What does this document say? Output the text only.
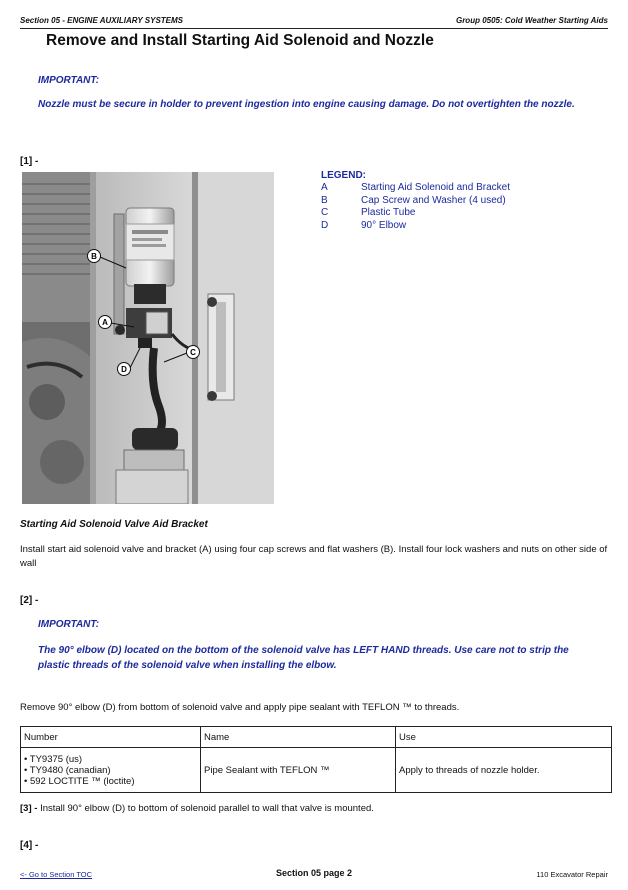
Section 05 - ENGINE AUXILIARY SYSTEMS	Group 0505: Cold Weather Starting Aids
Remove and Install Starting Aid Solenoid and Nozzle
IMPORTANT:
Nozzle must be secure in holder to prevent ingestion into engine causing damage. Do not overtighten the nozzle.
[1] -
B
A
C
D
LEGEND:
A	Starting Aid Solenoid and Bracket
B	Cap Screw and Washer (4 used)
C	Plastic Tube
D	90° Elbow
Starting Aid Solenoid Valve Aid Bracket
Install start aid solenoid valve and bracket (A) using four cap screws and flat washers (B). Install four lock washers and nuts on other side of wall
[2] -
IMPORTANT:
The 90° elbow (D) located on the bottom of the solenoid valve has LEFT HAND threads. Use care not to strip the plastic threads of the solenoid valve when installing the elbow.
Remove 90° elbow (D) from bottom of solenoid valve and apply pipe sealant with TEFLON ™ to threads.
Number	Name	Use

• TY9375 (us)
• TY9480 (canadian)
• 592 LOCTITE ™ (loctite)	Pipe Sealant with TEFLON ™	Apply to threads of nozzle holder.
[3] - Install 90° elbow (D) to bottom of solenoid parallel to wall that valve is mounted.
[4] -
<- Go to Section TOC	Section 05 page 2	110 Excavator Repair
